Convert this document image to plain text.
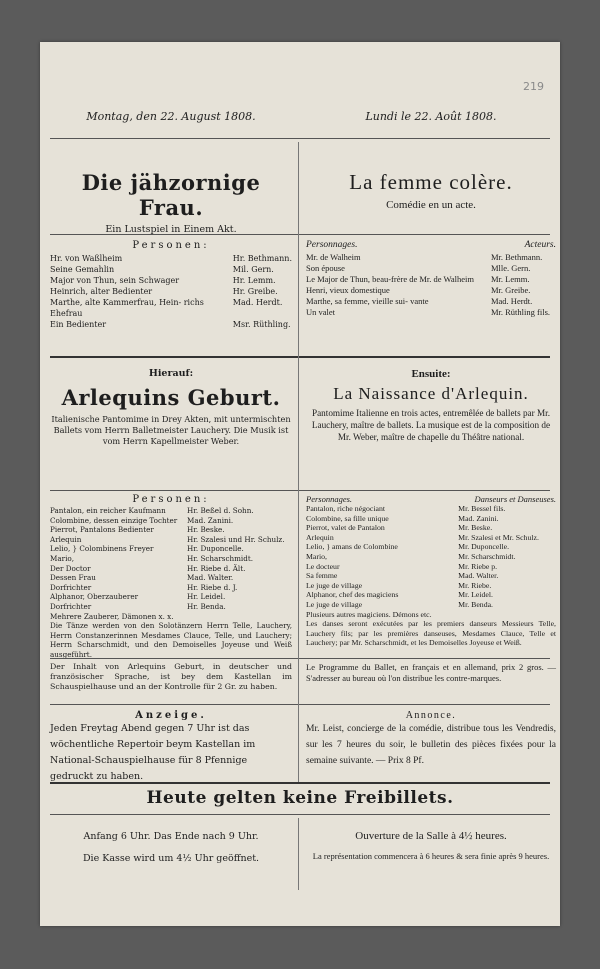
219
Montag, den 22. August 1808.	Lundi le 22. Août 1808.
Die jähzornige Frau.
Ein Lustspiel in Einem Akt.
La femme colère.
Comédie en un acte.
Personen:
Hr. von Waßlheim	Hr. Bethmann.
Seine Gemahlin	Mil. Gern.
Major von Thun, sein Schwager	Hr. Lemm.
Heinrich, alter Bedienter	Hr. Greibe.
Marthe, alte Kammerfrau, Hein- richs Ehefrau	Mad. Herdt.
Ein Bedienter	Msr. Rüthling.
Personnages.	Acteurs.
Mr. de Walheim	Mr. Bethmann.
Son épouse	Mlle. Gern.
Le Major de Thun, beau-frère de Mr. de Walheim	Mr. Lemm.
Henri, vieux domestique	Mr. Greibe.
Marthe, sa femme, vieille sui- vante	Mad. Herdt.
Un valet	Mr. Rüthling fils.
Hierauf:
Arlequins Geburt.
Italienische Pantomime in Drey Akten, mit untermischten Ballets vom Herrn Balletmeister Lauchery. Die Musik ist vom Herrn Kapellmeister Weber.
Ensuite:
La Naissance d'Arlequin.
Pantomime Italienne en trois actes, entremêlée de ballets par Mr. Lauchery, maître de ballets. La musique est de la composition de Mr. Weber, maître de chapelle du Théâtre national.
Personen:
Pantalon, ein reicher Kaufmann	Hr. Beßel d. Sohn.
Colombine, dessen einzige Tochter	Mad. Zanini.
Pierrot, Pantalons Bedienter	Hr. Beske.
Arlequin	Hr. Szalesi und Hr. Schulz.
Lelio, } Colombinens Freyer	Hr. Duponcelle.
Mario,	Hr. Scharschmidt.
Der Doctor	Hr. Riebe d. Ält.
Dessen Frau	Mad. Walter.
Dorfrichter	Hr. Riebe d. J.
Alphanor, Oberzauberer	Hr. Leidel.
Dorfrichter	Hr. Benda.
Mehrere Zauberer, Dämonen x. x.	
Die Tänze werden von den Solotänzern Herrn Telle, Lauchery, Herrn Constanzerinnen Mesdames Clauce, Telle, und Lauchery; Herrn Scharschmidt, und den Demoiselles Joyeuse und Weiß ausgeführt.
Personnages.	Danseurs et Danseuses.
Pantalon, riche négociant	Mr. Bessel fils.
Colombine, sa fille unique	Mad. Zanini.
Pierrot, valet de Pantalon	Mr. Beske.
Arlequin	Mr. Szalesi et Mr. Schulz.
Lelio, } amans de Colombine	Mr. Duponcelle.
Mario,	Mr. Scharschmidt.
Le docteur	Mr. Riebe p.
Sa femme	Mad. Walter.
Le juge de village	Mr. Riebe.
Alphanor, chef des magiciens	Mr. Leidel.
Le juge de village	Mr. Benda.
Plusieurs autres magiciens. Démons etc.	
Les danses seront exécutées par les premiers danseurs Messieurs Telle, Lauchery fils; par les premières danseuses, Mesdames Clauce, Telle et Lauchery; par Mr. Scharschmidt, et les Demoiselles Joyeuse et Weiß.
Der Inhalt von Arlequins Geburt, in deutscher und französischer Sprache, ist bey dem Kastellan im Schauspielhause und an der Kontrolle für 2 Gr. zu haben.
Le Programme du Ballet, en français et en allemand, prix 2 gros. — S'adresser au bureau où l'on distribue les contre-marques.
Anzeige.
Jeden Freytag Abend gegen 7 Uhr ist das wöchentliche Repertoir beym Kastellan im National-Schauspielhause für 8 Pfennige gedruckt zu haben.
Annonce.
Mr. Leist, concierge de la comédie, distribue tous les Vendredis, sur les 7 heures du soir, le bulletin des pièces fixées pour la semaine suivante. — Prix 8 Pf.
Heute gelten keine Freibillets.
Anfang 6 Uhr. Das Ende nach 9 Uhr.
Die Kasse wird um 4½ Uhr geöffnet.
Ouverture de la Salle à 4½ heures.
La représentation commencera à 6 heures & sera finie après 9 heures.
